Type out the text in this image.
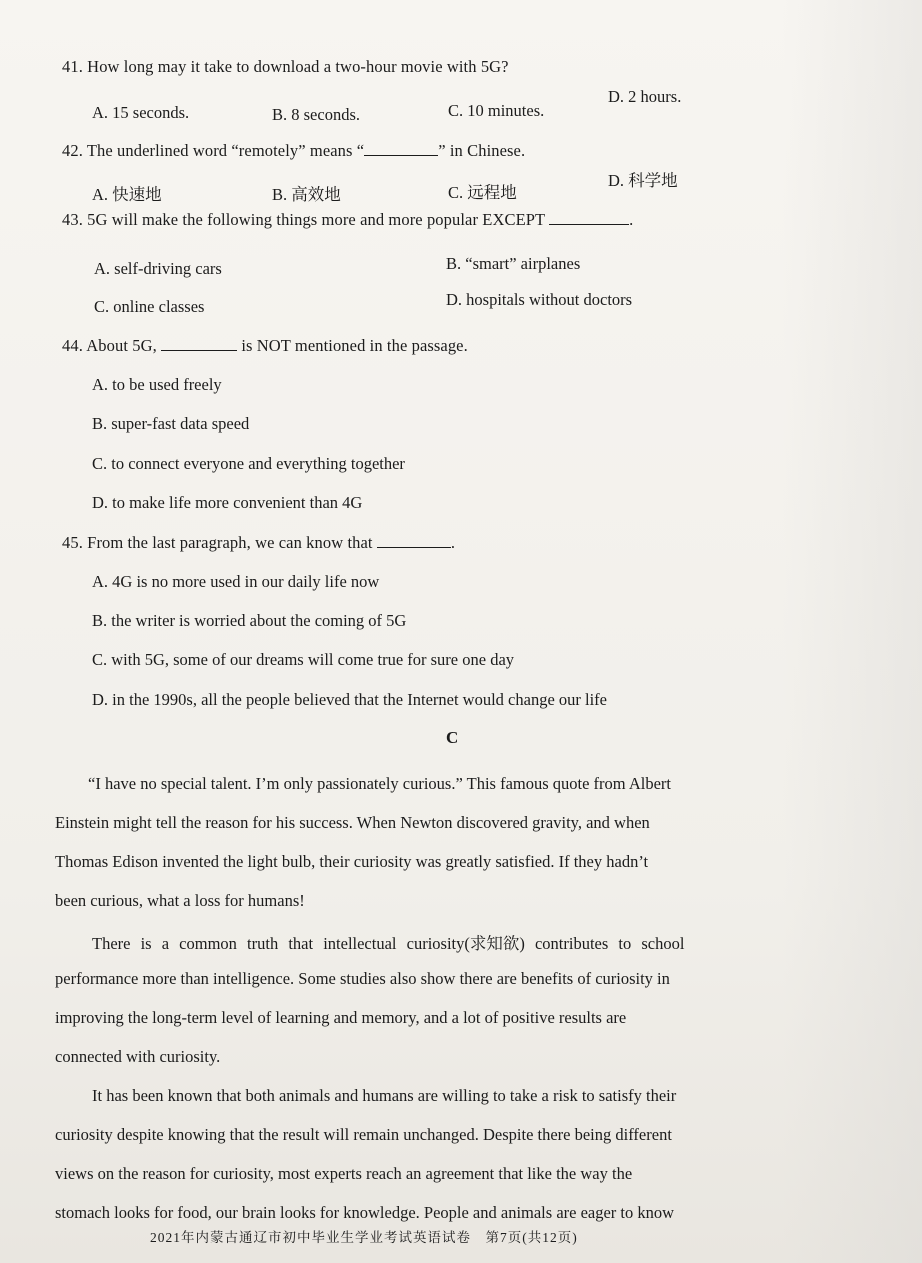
41. How long may it take to download a two-hour movie with 5G?
A. 15 seconds.	B. 8 seconds.	C. 10 minutes.
D. 2 hours.
42. The underlined word “remotely” means “	” in Chinese.
A. 快速地	B. 高效地	C. 远程地
D. 科学地
43. 5G will make the following things more and more popular EXCEPT	.
A. self-driving cars	B. “smart” airplanes
C. online classes	D. hospitals without doctors
44. About 5G,	is NOT mentioned in the passage.
A. to be used freely
B. super-fast data speed
C. to connect everyone and everything together
D. to make life more convenient than 4G
45. From the last paragraph, we can know that	.
A. 4G is no more used in our daily life now
B. the writer is worried about the coming of 5G
C. with 5G, some of our dreams will come true for sure one day
D. in the 1990s, all the people believed that the Internet would change our life
C
“I have no special talent. I’m only passionately curious.” This famous quote from Albert
Einstein might tell the reason for his success. When Newton discovered gravity, and when
Thomas Edison invented the light bulb, their curiosity was greatly satisfied. If they hadn’t
been curious, what a loss for humans!
There is a common truth that intellectual curiosity(求知欲) contributes to school
performance more than intelligence. Some studies also show there are benefits of curiosity in
improving the long-term level of learning and memory, and a lot of positive results are
connected with curiosity.
It has been known that both animals and humans are willing to take a risk to satisfy their
curiosity despite knowing that the result will remain unchanged. Despite there being different
views on the reason for curiosity, most experts reach an agreement that like the way the
stomach looks for food, our brain looks for knowledge. People and animals are eager to know
2021年内蒙古通辽市初中毕业生学业考试英语试卷　第7页(共12页)
